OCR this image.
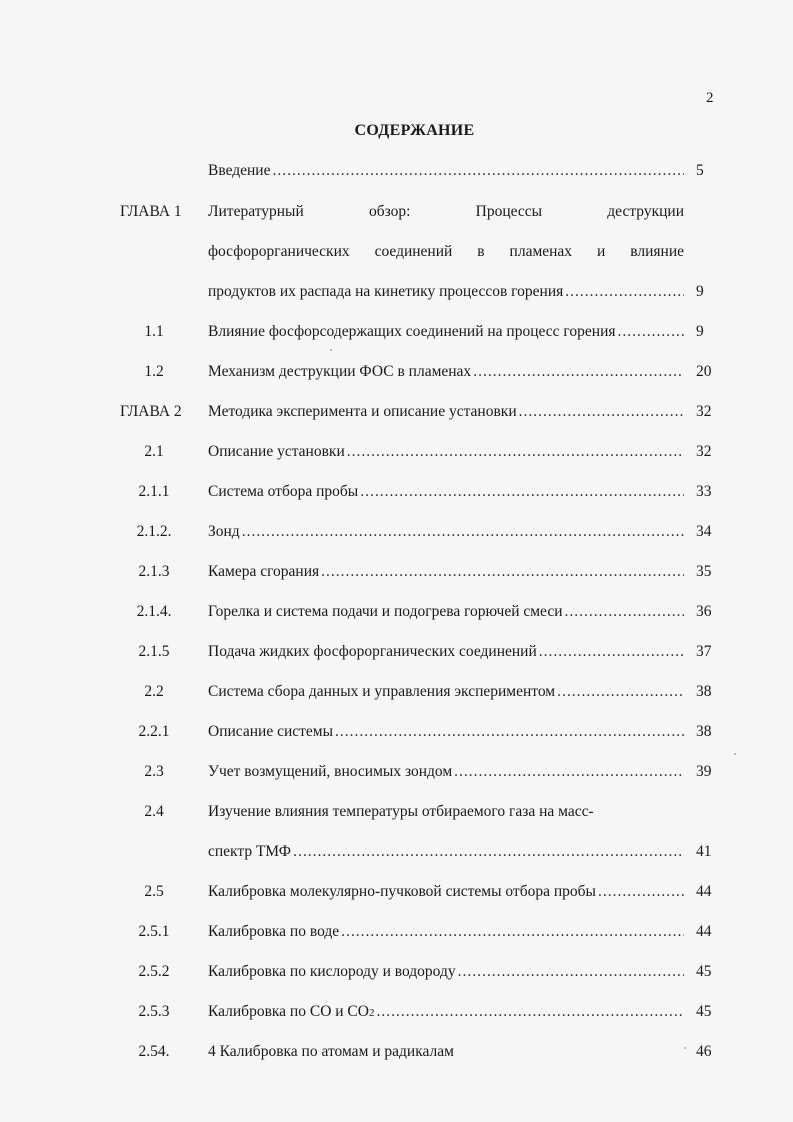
2
СОДЕРЖАНИЕ
Введение .....	5
ГЛАВА 1 Литературный обзор: Процессы деструкции
фосфорорганических соединений в пламенах и влияние
продуктов их распада на кинетику процессов горения .....	9
1.1	Влияние фосфорсодержащих соединений на процесс горения .....	9
1.2	Механизм деструкции ФОС в пламенах .....	20
ГЛАВА 2 Методика эксперимента и описание установки .....	32
2.1	Описание установки .....	32
2.1.1 Система отбора пробы .....	33
2.1.2. Зонд .....	34
2.1.3 Камера сгорания .....	35
2.1.4. Горелка и система подачи и подогрева горючей смеси .....	36
2.1.5 Подача жидких фосфорорганических соединений .....	37
2.2	Система сбора данных и управления экспериментом .....	38
2.2.1 Описание системы .....	38
2.3	Учет возмущений, вносимых зондом .....	39
2.4	Изучение влияния температуры отбираемого газа на масс-
спектр ТМФ .....	41
2.5	Калибровка молекулярно-пучковой системы отбора пробы .....	44
2.5.1 Калибровка по воде .....	44
2.5.2 Калибровка по кислороду и водороду .....	45
2.5.3 Калибровка по СО и СО 2 .....	45
2.54. 4 Калибровка по атомам и радикалам	46
